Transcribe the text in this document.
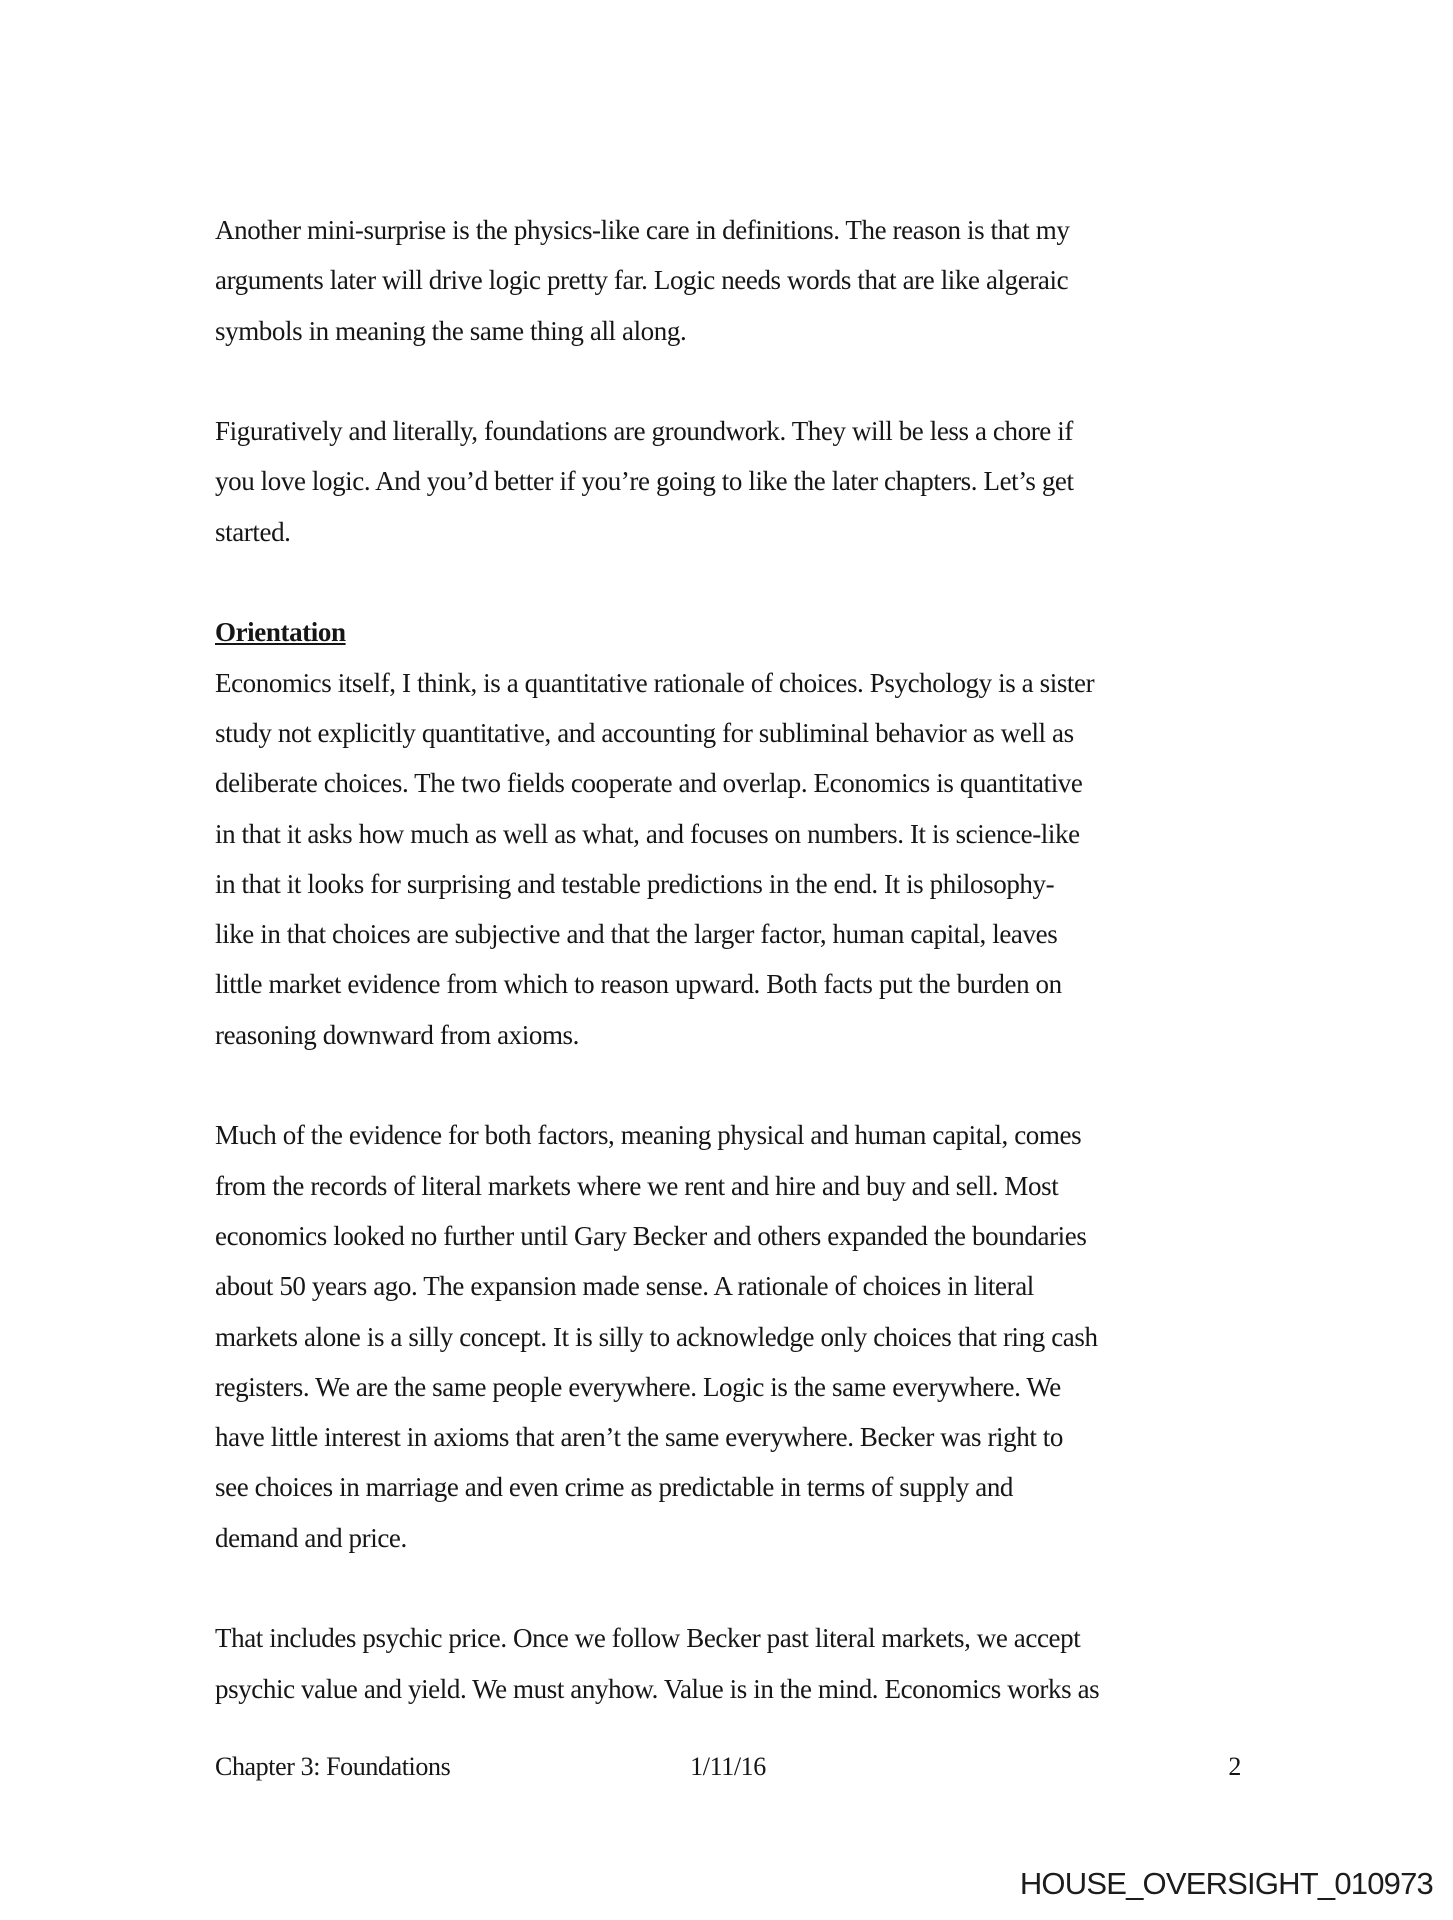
Another mini-surprise is the physics-like care in definitions. The reason is that my
arguments later will drive logic pretty far. Logic needs words that are like algeraic
symbols in meaning the same thing all along.

Figuratively and literally, foundations are groundwork. They will be less a chore if
you love logic. And you’d better if you’re going to like the later chapters. Let’s get
started.

Orientation

Economics itself, I think, is a quantitative rationale of choices. Psychology is a sister
study not explicitly quantitative, and accounting for subliminal behavior as well as
deliberate choices. The two fields cooperate and overlap. Economics is quantitative
in that it asks how much as well as what, and focuses on numbers. It is science-like
in that it looks for surprising and testable predictions in the end. It is philosophy-
like in that choices are subjective and that the larger factor, human capital, leaves
little market evidence from which to reason upward. Both facts put the burden on
reasoning downward from axioms.

Much of the evidence for both factors, meaning physical and human capital, comes
from the records of literal markets where we rent and hire and buy and sell. Most
economics looked no further until Gary Becker and others expanded the boundaries
about 50 years ago. The expansion made sense. A rationale of choices in literal
markets alone is a silly concept. It is silly to acknowledge only choices that ring cash
registers. We are the same people everywhere. Logic is the same everywhere. We
have little interest in axioms that aren’t the same everywhere. Becker was right to
see choices in marriage and even crime as predictable in terms of supply and
demand and price.

That includes psychic price. Once we follow Becker past literal markets, we accept
psychic value and yield. We must anyhow. Value is in the mind. Economics works as

Chapter 3: Foundations	1/11/16	2
HOUSE_OVERSIGHT_010973
